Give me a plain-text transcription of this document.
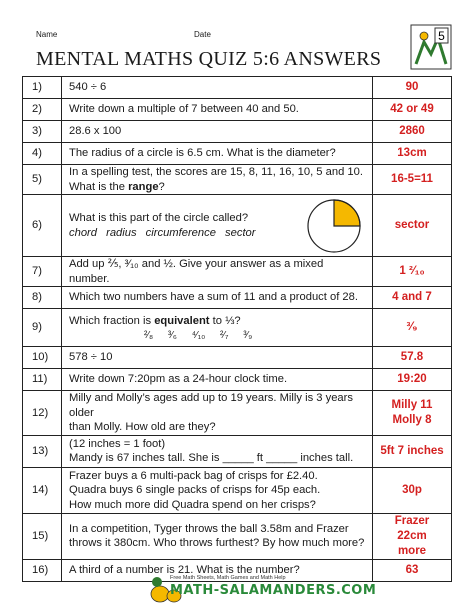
Name	Date
MENTAL MATHS QUIZ 5:6 ANSWERS
5
1)	540 ÷ 6	90
2)	Write down a multiple of 7 between 40 and 50.	42 or 49
3)	28.6 x 100	2860
4)	The radius of a circle is 6.5 cm. What is the diameter?	13cm
5)	In a spelling test, the scores are 15, 8, 11, 16, 10, 5 and 10.
What is the range?	16-5=11
6)	What is this part of the circle called?
chord radius circumference sector	sector
7)	Add up ⅖, ³⁄₁₀ and ½. Give your answer as a mixed number.	1 ²⁄₁₀
8)	Which two numbers have a sum of 11 and a product of 28.	4 and 7
9)	Which fraction is equivalent to ⅓?
²⁄₈ ³⁄₆ ⁴⁄₁₀ ²⁄₇ ³⁄₉	³⁄₉
10)	578 ÷ 10	57.8
11)	Write down 7:20pm as a 24-hour clock time.	19:20
12)	Milly and Molly’s ages add up to 19 years. Milly is 3 years older
than Molly. How old are they?	Milly 11
Molly 8

13)	(12 inches = 1 foot)
Mandy is 67 inches tall. She is _____ ft _____ inches tall.	5ft 7 inches
14)	Frazer buys a 6 multi-pack bag of crisps for £2.40.
Quadra buys 6 single packs of crisps for 45p each.
How much more did Quadra spend on her crisps?	30p
15)	In a competition, Tyger throws the ball 3.58m and Frazer
throws it 380cm. Who throws furthest? By how much more?	Frazer 22cm
more

16)	A third of a number is 21. What is the number?	63
Free Math Sheets, Math Games and Math Help
MATH-SALAMANDERS.COM
